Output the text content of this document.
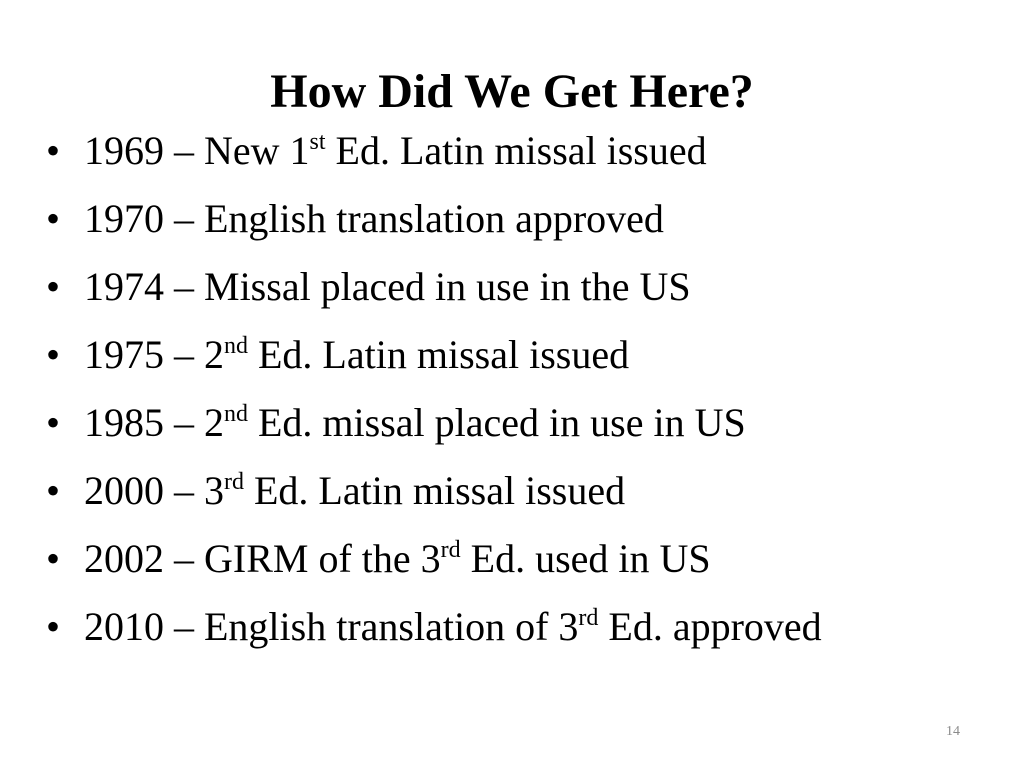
How Did We Get Here?
• 1969 – New 1st Ed. Latin missal issued
• 1970 – English translation approved
• 1974 – Missal placed in use in the US
• 1975 – 2nd Ed. Latin missal issued
• 1985 – 2nd Ed. missal placed in use in US
• 2000 – 3rd Ed. Latin missal issued
• 2002 – GIRM of the 3rd Ed. used in US
• 2010 – English translation of 3rd Ed. approved
14
